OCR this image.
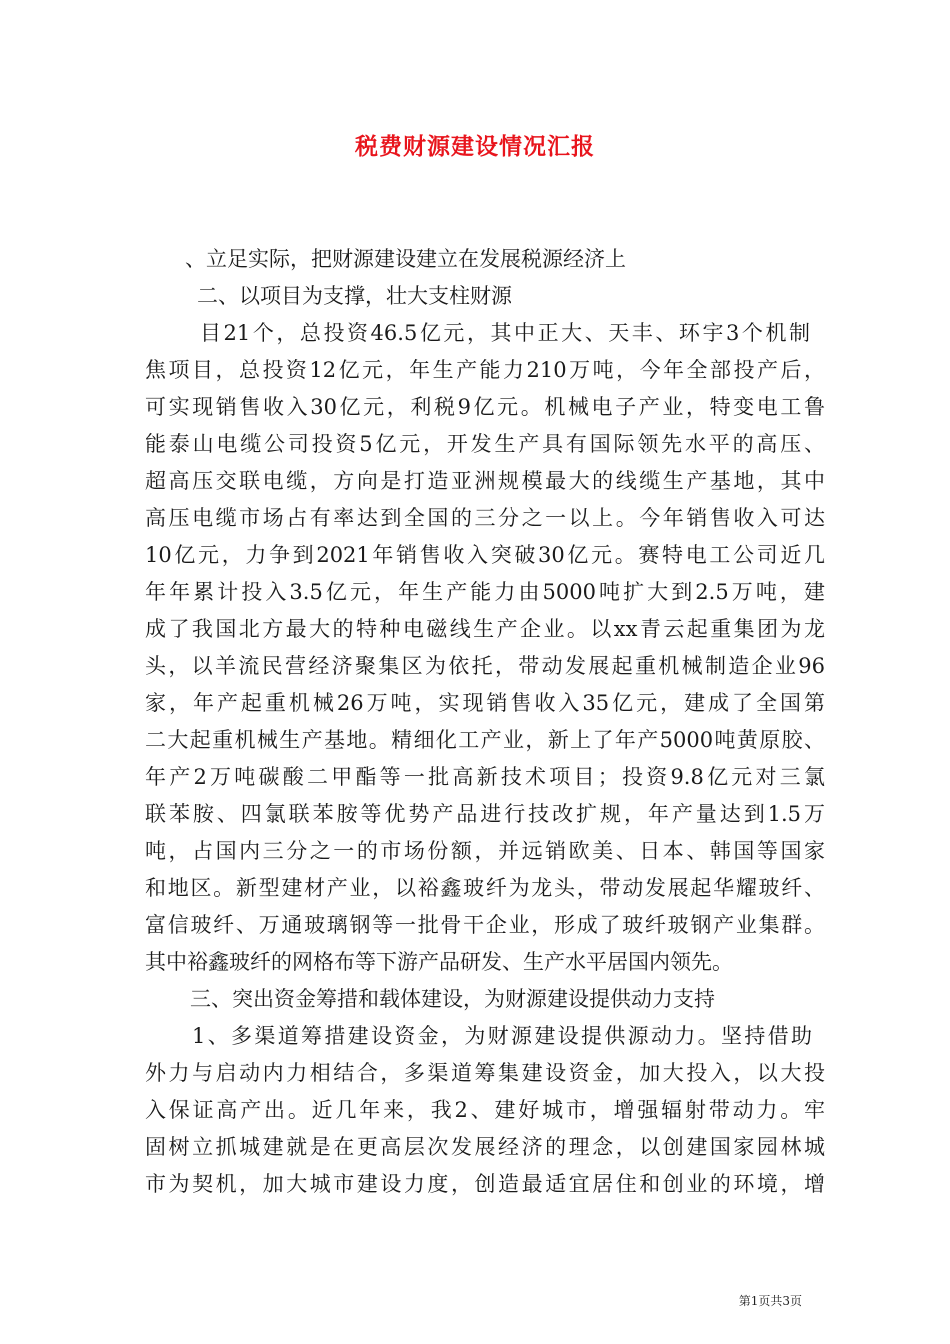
税费财源建设情况汇报
、立足实际，把财源建设建立在发展税源经济上
二、以项目为支撑，壮大支柱财源
目21个，总投资46.5亿元，其中正大、天丰、环宇3个机制
焦项目，总投资12亿元，年生产能力210万吨，今年全部投产后，
可实现销售收入30亿元，利税9亿元。机械电子产业，特变电工鲁
能泰山电缆公司投资5亿元，开发生产具有国际领先水平的高压、
超高压交联电缆，方向是打造亚洲规模最大的线缆生产基地，其中
高压电缆市场占有率达到全国的三分之一以上。今年销售收入可达
10亿元，力争到2021年销售收入突破30亿元。赛特电工公司近几
年年累计投入3.5亿元，年生产能力由5000吨扩大到2.5万吨，建
成了我国北方最大的特种电磁线生产企业。以xx青云起重集团为龙
头，以羊流民营经济聚集区为依托，带动发展起重机械制造企业96
家，年产起重机械26万吨，实现销售收入35亿元，建成了全国第
二大起重机械生产基地。精细化工产业，新上了年产5000吨黄原胶、
年产2万吨碳酸二甲酯等一批高新技术项目；投资9.8亿元对三氯
联苯胺、四氯联苯胺等优势产品进行技改扩规，年产量达到1.5万
吨，占国内三分之一的市场份额，并远销欧美、日本、韩国等国家
和地区。新型建材产业，以裕鑫玻纤为龙头，带动发展起华耀玻纤、
富信玻纤、万通玻璃钢等一批骨干企业，形成了玻纤玻钢产业集群。
其中裕鑫玻纤的网格布等下游产品研发、生产水平居国内领先。
三、突出资金筹措和载体建设，为财源建设提供动力支持
1、多渠道筹措建设资金，为财源建设提供源动力。坚持借助
外力与启动内力相结合，多渠道筹集建设资金，加大投入，以大投
入保证高产出。近几年来，我2、建好城市，增强辐射带动力。牢
固树立抓城建就是在更高层次发展经济的理念，以创建国家园林城
市为契机，加大城市建设力度，创造最适宜居住和创业的环境，增
第1页共3页
